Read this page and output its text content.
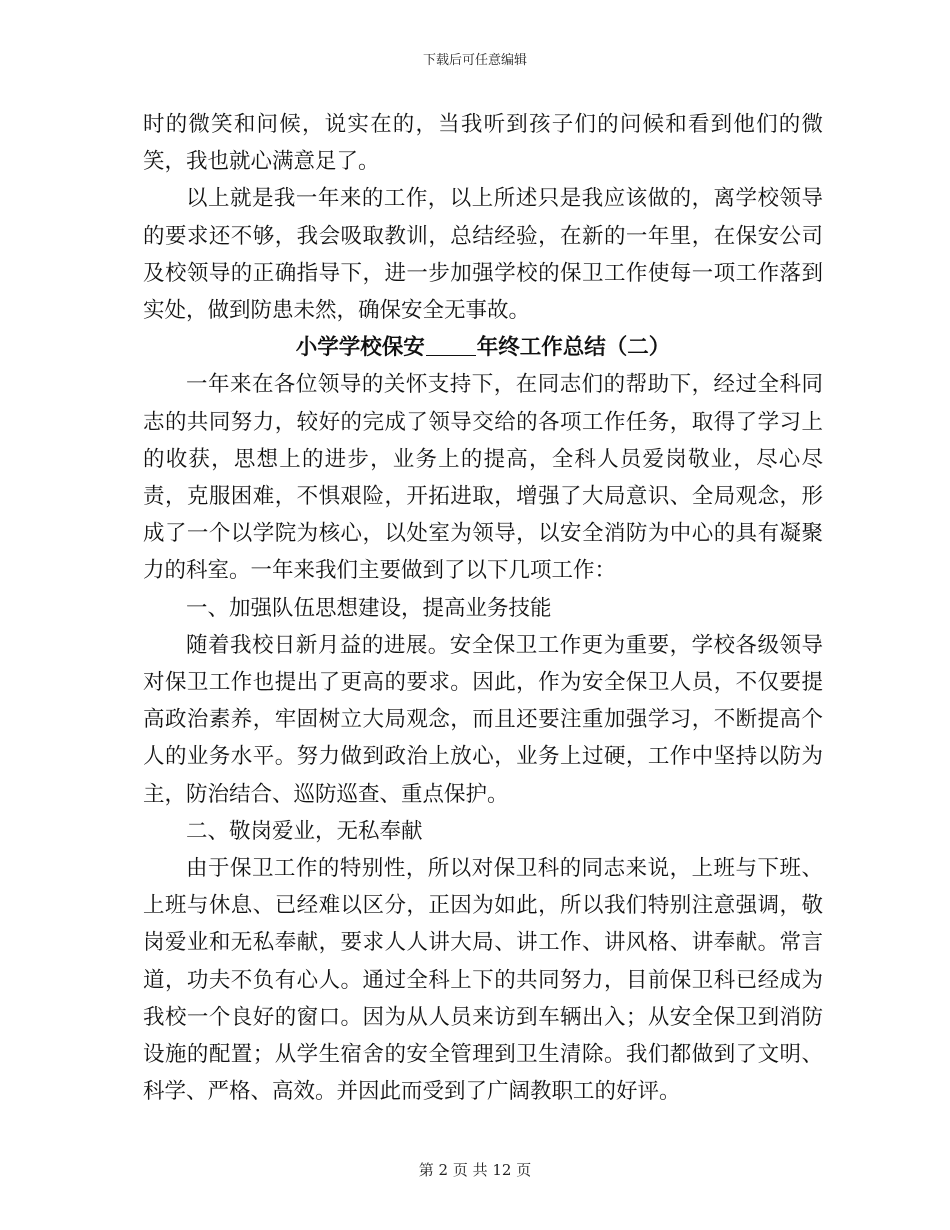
下载后可任意编辑

时的微笑和问候，说实在的，当我听到孩子们的问候和看到他们的微笑，我也就心满意足了。

以上就是我一年来的工作，以上所述只是我应该做的，离学校领导的要求还不够，我会吸取教训，总结经验，在新的一年里，在保安公司及校领导的正确指导下，进一步加强学校的保卫工作使每一项工作落到实处，做到防患未然，确保安全无事故。

小学学校保安 年终工作总结（二）

一年来在各位领导的关怀支持下，在同志们的帮助下，经过全科同志的共同努力，较好的完成了领导交给的各项工作任务，取得了学习上的收获，思想上的进步，业务上的提高，全科人员爱岗敬业，尽心尽责，克服困难，不惧艰险，开拓进取，增强了大局意识、全局观念，形成了一个以学院为核心，以处室为领导，以安全消防为中心的具有凝聚力的科室。一年来我们主要做到了以下几项工作：

一、加强队伍思想建设，提高业务技能

随着我校日新月益的进展。安全保卫工作更为重要，学校各级领导对保卫工作也提出了更高的要求。因此，作为安全保卫人员，不仅要提高政治素养，牢固树立大局观念，而且还要注重加强学习，不断提高个人的业务水平。努力做到政治上放心，业务上过硬，工作中坚持以防为主，防治结合、巡防巡查、重点保护。

二、敬岗爱业，无私奉献

由于保卫工作的特别性，所以对保卫科的同志来说，上班与下班、上班与休息、已经难以区分，正因为如此，所以我们特别注意强调，敬岗爱业和无私奉献，要求人人讲大局、讲工作、讲风格、讲奉献。常言道，功夫不负有心人。通过全科上下的共同努力，目前保卫科已经成为我校一个良好的窗口。因为从人员来访到车辆出入；从安全保卫到消防设施的配置；从学生宿舍的安全管理到卫生清除。我们都做到了文明、科学、严格、高效。并因此而受到了广阔教职工的好评。

第 2 页 共 12 页
